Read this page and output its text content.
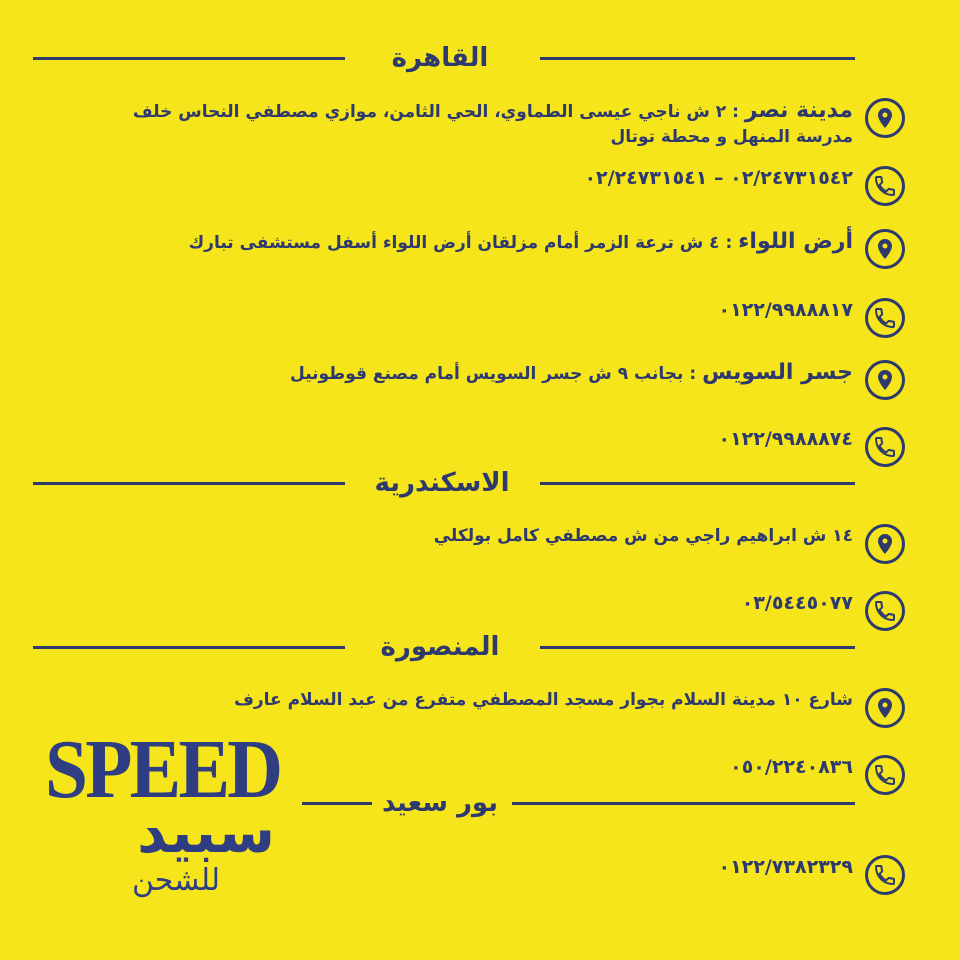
القاهرة
مدينة نصر : ٢ ش ناجي عيسى الطماوي، الحي الثامن، موازي مصطفي النحاس خلف
مدرسة المنهل و محطة توتال
٠٢/٢٤٧٣١٥٤٢ – ٠٢/٢٤٧٣١٥٤١
أرض اللواء : ٤ ش ترعة الزمر أمام مزلقان أرض اللواء أسفل مستشفى تبارك
٠١٢٢/٩٩٨٨٨١٧
جسر السويس : بجانب ٩ ش جسر السويس أمام مصنع قوطونيل
٠١٢٢/٩٩٨٨٨٧٤
الاسكندرية
١٤ ش ابراهيم راجي من ش مصطفي كامل بولكلي
٠٣/٥٤٤٥٠٧٧
المنصورة
شارع ١٠ مدينة السلام بجوار مسجد المصطفي متفرع من عبد السلام عارف
٠٥٠/٢٢٤٠٨٣٦
بور سعيد
٠١٢٢/٧٣٨٢٣٢٩
SPEED
سبيد
للشحن
